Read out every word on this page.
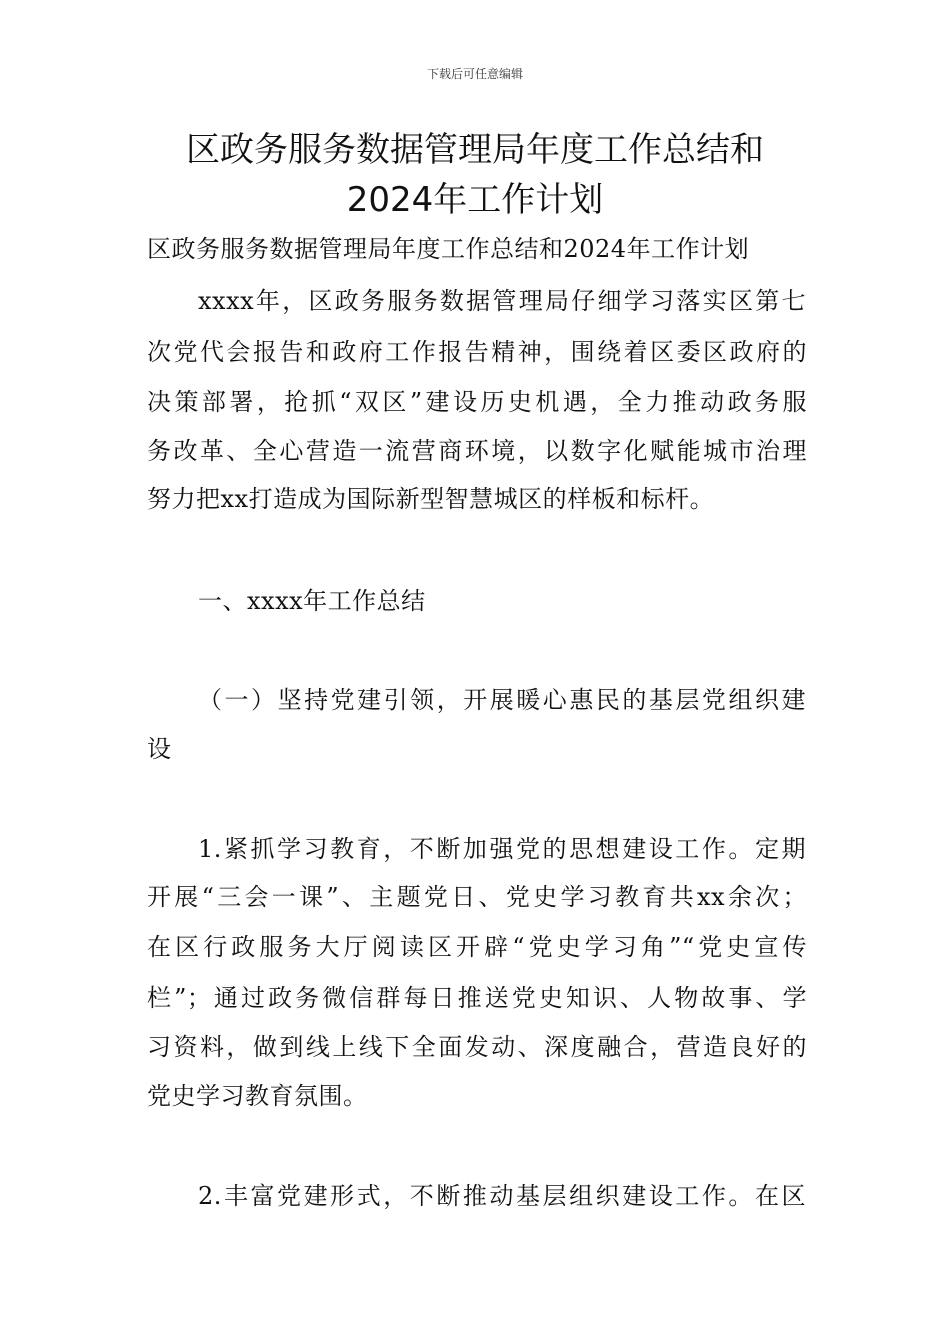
下载后可任意编辑
区政务服务数据管理局年度工作总结和
2024年工作计划
区政务服务数据管理局年度工作总结和2024年工作计划
xxxx年，区政务服务数据管理局仔细学习落实区第七
次党代会报告和政府工作报告精神，围绕着区委区政府的
决策部署，抢抓“双区”建设历史机遇，全力推动政务服
务改革、全心营造一流营商环境，以数字化赋能城市治理
努力把xx打造成为国际新型智慧城区的样板和标杆。
一、xxxx年工作总结
（一）坚持党建引领，开展暖心惠民的基层党组织建
设
1.紧抓学习教育，不断加强党的思想建设工作。定期
开展“三会一课”、主题党日、党史学习教育共xx余次；
在区行政服务大厅阅读区开辟“党史学习角”“党史宣传
栏”；通过政务微信群每日推送党史知识、人物故事、学
习资料，做到线上线下全面发动、深度融合，营造良好的
党史学习教育氛围。
2.丰富党建形式，不断推动基层组织建设工作。在区
